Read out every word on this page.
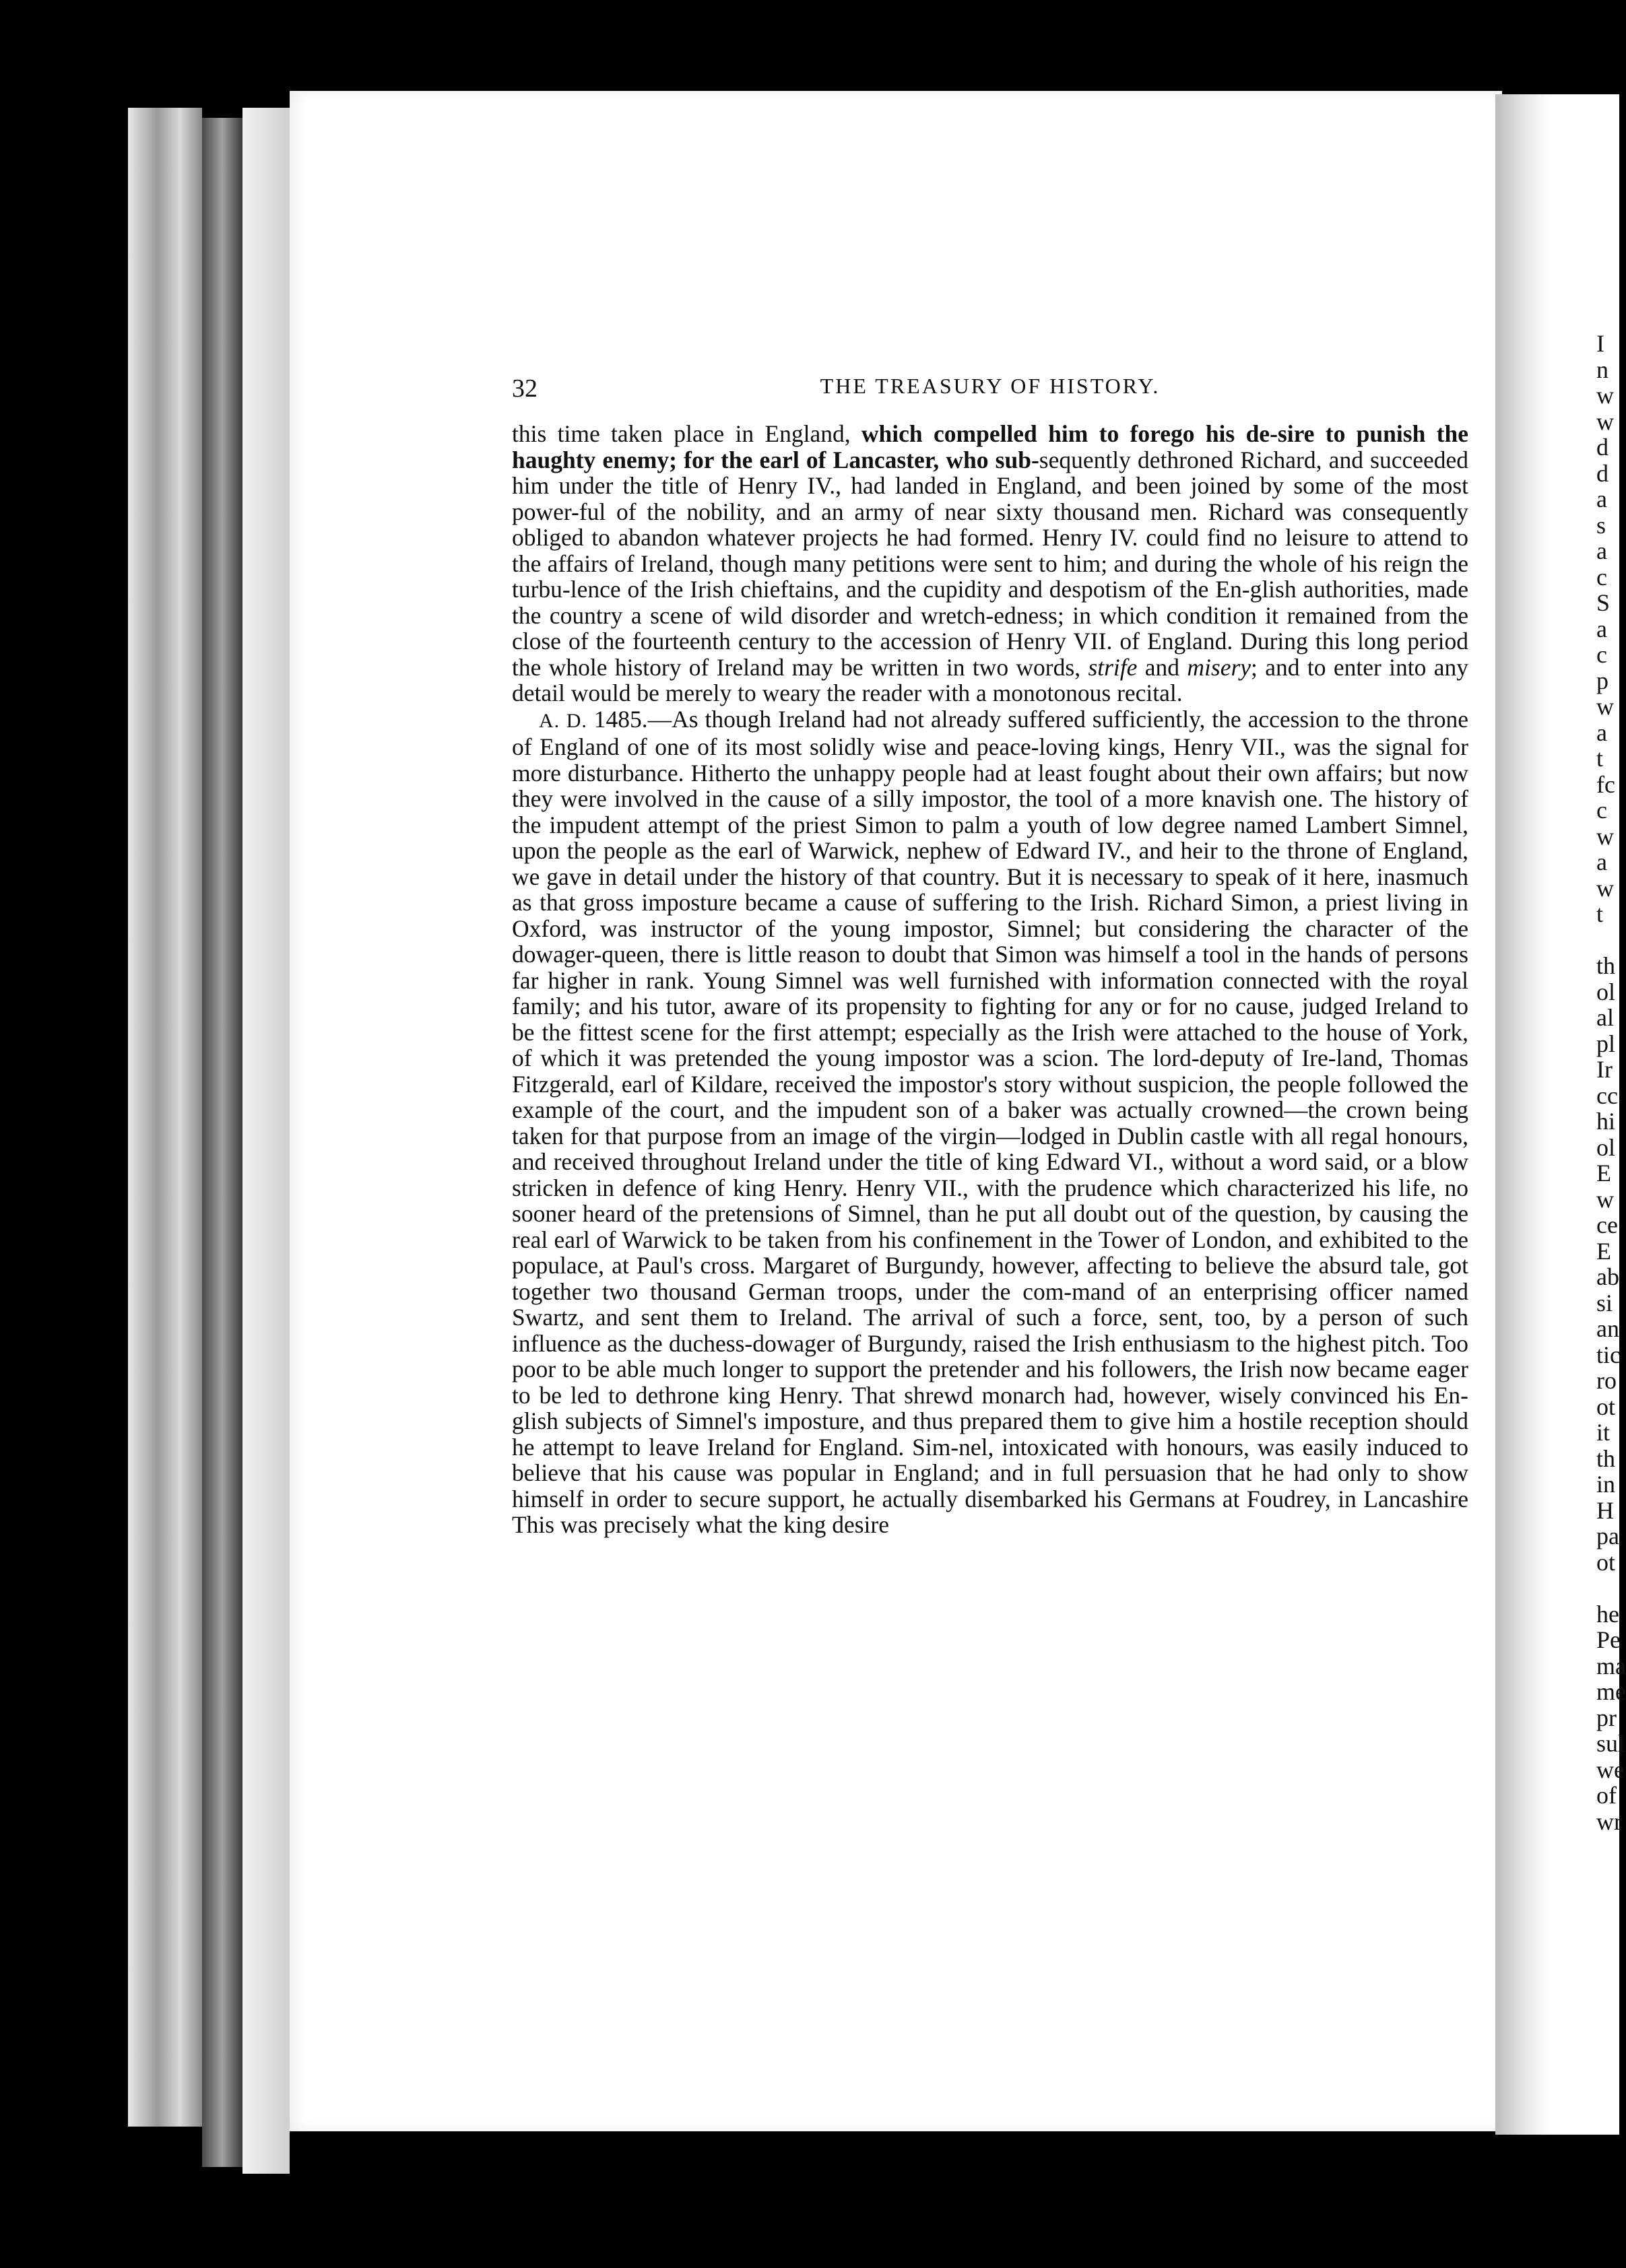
32	THE TREASURY OF HISTORY.

this time taken place in England, which compelled him to forego his de-sire to punish the haughty enemy; for the earl of Lancaster, who sub-sequently dethroned Richard, and succeeded him under the title of Henry IV., had landed in England, and been joined by some of the most power-ful of the nobility, and an army of near sixty thousand men. Richard was consequently obliged to abandon whatever projects he had formed. Henry IV. could find no leisure to attend to the affairs of Ireland, though many petitions were sent to him; and during the whole of his reign the turbu-lence of the Irish chieftains, and the cupidity and despotism of the En-glish authorities, made the country a scene of wild disorder and wretch-edness; in which condition it remained from the close of the fourteenth century to the accession of Henry VII. of England. During this long period the whole history of Ireland may be written in two words, strife and misery; and to enter into any detail would be merely to weary the reader with a monotonous recital.

A. D. 1485.—As though Ireland had not already suffered sufficiently, the accession to the throne of England of one of its most solidly wise and peace-loving kings, Henry VII., was the signal for more disturbance. Hitherto the unhappy people had at least fought about their own affairs; but now they were involved in the cause of a silly impostor, the tool of a more knavish one. The history of the impudent attempt of the priest Simon to palm a youth of low degree named Lambert Simnel, upon the people as the earl of Warwick, nephew of Edward IV., and heir to the throne of England, we gave in detail under the history of that country. But it is necessary to speak of it here, inasmuch as that gross imposture became a cause of suffering to the Irish. Richard Simon, a priest living in Oxford, was instructor of the young impostor, Simnel; but considering the character of the dowager-queen, there is little reason to doubt that Simon was himself a tool in the hands of persons far higher in rank. Young Simnel was well furnished with information connected with the royal family; and his tutor, aware of its propensity to fighting for any or for no cause, judged Ireland to be the fittest scene for the first attempt; especially as the Irish were attached to the house of York, of which it was pretended the young impostor was a scion. The lord-deputy of Ire-land, Thomas Fitzgerald, earl of Kildare, received the impostor's story without suspicion, the people followed the example of the court, and the impudent son of a baker was actually crowned—the crown being taken for that purpose from an image of the virgin—lodged in Dublin castle with all regal honours, and received throughout Ireland under the title of king Edward VI., without a word said, or a blow stricken in defence of king Henry. Henry VII., with the prudence which characterized his life, no sooner heard of the pretensions of Simnel, than he put all doubt out of the question, by causing the real earl of Warwick to be taken from his confinement in the Tower of London, and exhibited to the populace, at Paul's cross. Margaret of Burgundy, however, affecting to believe the absurd tale, got together two thousand German troops, under the com-mand of an enterprising officer named Swartz, and sent them to Ireland. The arrival of such a force, sent, too, by a person of such influence as the duchess-dowager of Burgundy, raised the Irish enthusiasm to the highest pitch. Too poor to be able much longer to support the pretender and his followers, the Irish now became eager to be led to dethrone king Henry. That shrewd monarch had, however, wisely convinced his En-glish subjects of Simnel's imposture, and thus prepared them to give him a hostile reception should he attempt to leave Ireland for England. Sim-nel, intoxicated with honours, was easily induced to believe that his cause was popular in England; and in full persuasion that he had only to show himself in order to secure support, he actually disembarked his Germans at Foudrey, in Lancashire This was precisely what the king desire

I
n
w
w
d
d
a
s
a
c
S
a
c
p
w
a
t
fc
c
w
a
w
t
th
ol
al
pl
Ir
cc
hi
ol
E
w
ce
E
ab
si
an
tic
ro
ot
it
th
in
H
pa
ot
he
Pe
ma
me
pr
sul
we
of
wr
